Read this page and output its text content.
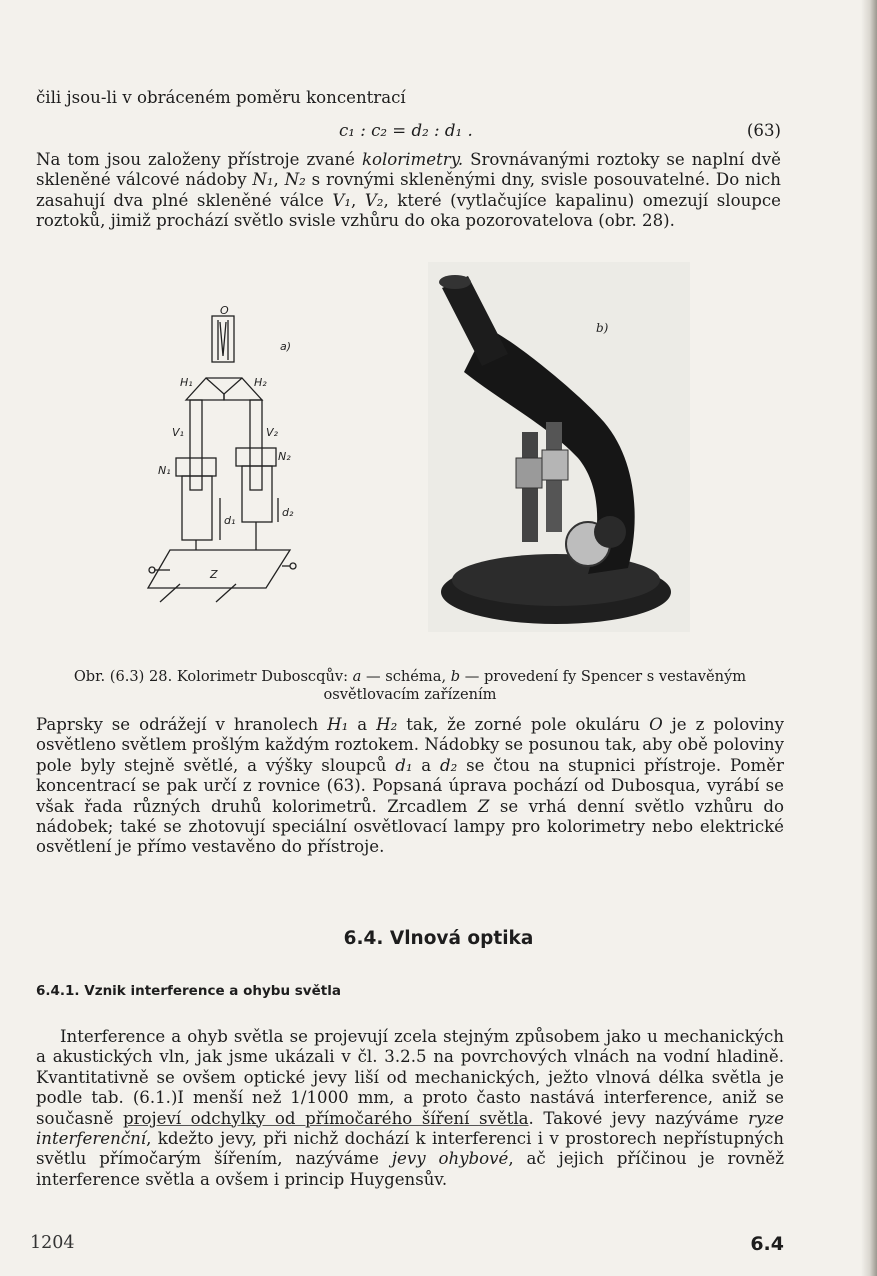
čili jsou-li v obráceném poměru koncentrací

c₁ : c₂ = d₂ : d₁ .	(63)

Na tom jsou založeny přístroje zvané kolorimetry. Srovnávanými roztoky se naplní dvě skleněné válcové nádoby N₁, N₂ s rovnými skleněnými dny, svisle posouvatelné. Do nich zasahují dva plné skleněné válce V₁, V₂, které (vytlačujíce kapalinu) omezují sloupce roztoků, jimiž prochází světlo svisle vzhůru do oka pozorovatelova (obr. 28).

a)
O
H₁	H₂
V₁	V₂
N₁
N₂
d₁
d₂
Z
b)

Obr. (6.3) 28. Kolorimetr Duboscqův: a — schéma, b — provedení fy Spencer s vestavěným osvětlovacím zařízením

Paprsky se odrážejí v hranolech H₁ a H₂ tak, že zorné pole okuláru O je z poloviny osvětleno světlem prošlým každým roztokem. Nádobky se posunou tak, aby obě poloviny pole byly stejně světlé, a výšky sloupců d₁ a d₂ se čtou na stupnici přístroje. Poměr koncentrací se pak určí z rovnice (63). Popsaná úprava pochází od Dubosqua, vyrábí se však řada různých druhů kolorimetrů. Zrcadlem Z se vrhá denní světlo vzhůru do nádobek; také se zhotovují speciální osvětlovací lampy pro kolorimetry nebo elektrické osvětlení je přímo vestavěno do přístroje.

6.4. Vlnová optika
6.4.1. Vznik interference a ohybu světla

Interference a ohyb světla se projevují zcela stejným způsobem jako u mechanických a akustických vln, jak jsme ukázali v čl. 3.2.5 na povrchových vlnách na vodní hladině. Kvantitativně se ovšem optické jevy liší od mechanických, ježto vlnová délka světla je podle tab. (6.1.)I menší než 1/1000 mm, a proto často nastává interference, aniž se současně projeví odchylky od přímočarého šíření světla. Takové jevy nazýváme ryze interferenční, kdežto jevy, při nichž dochází k interferenci i v prostorech nepřístupných světlu přímočarým šířením, nazýváme jevy ohybové, ač jejich příčinou je rovněž interference světla a ovšem i princip Huygensův.

1204	6.4
